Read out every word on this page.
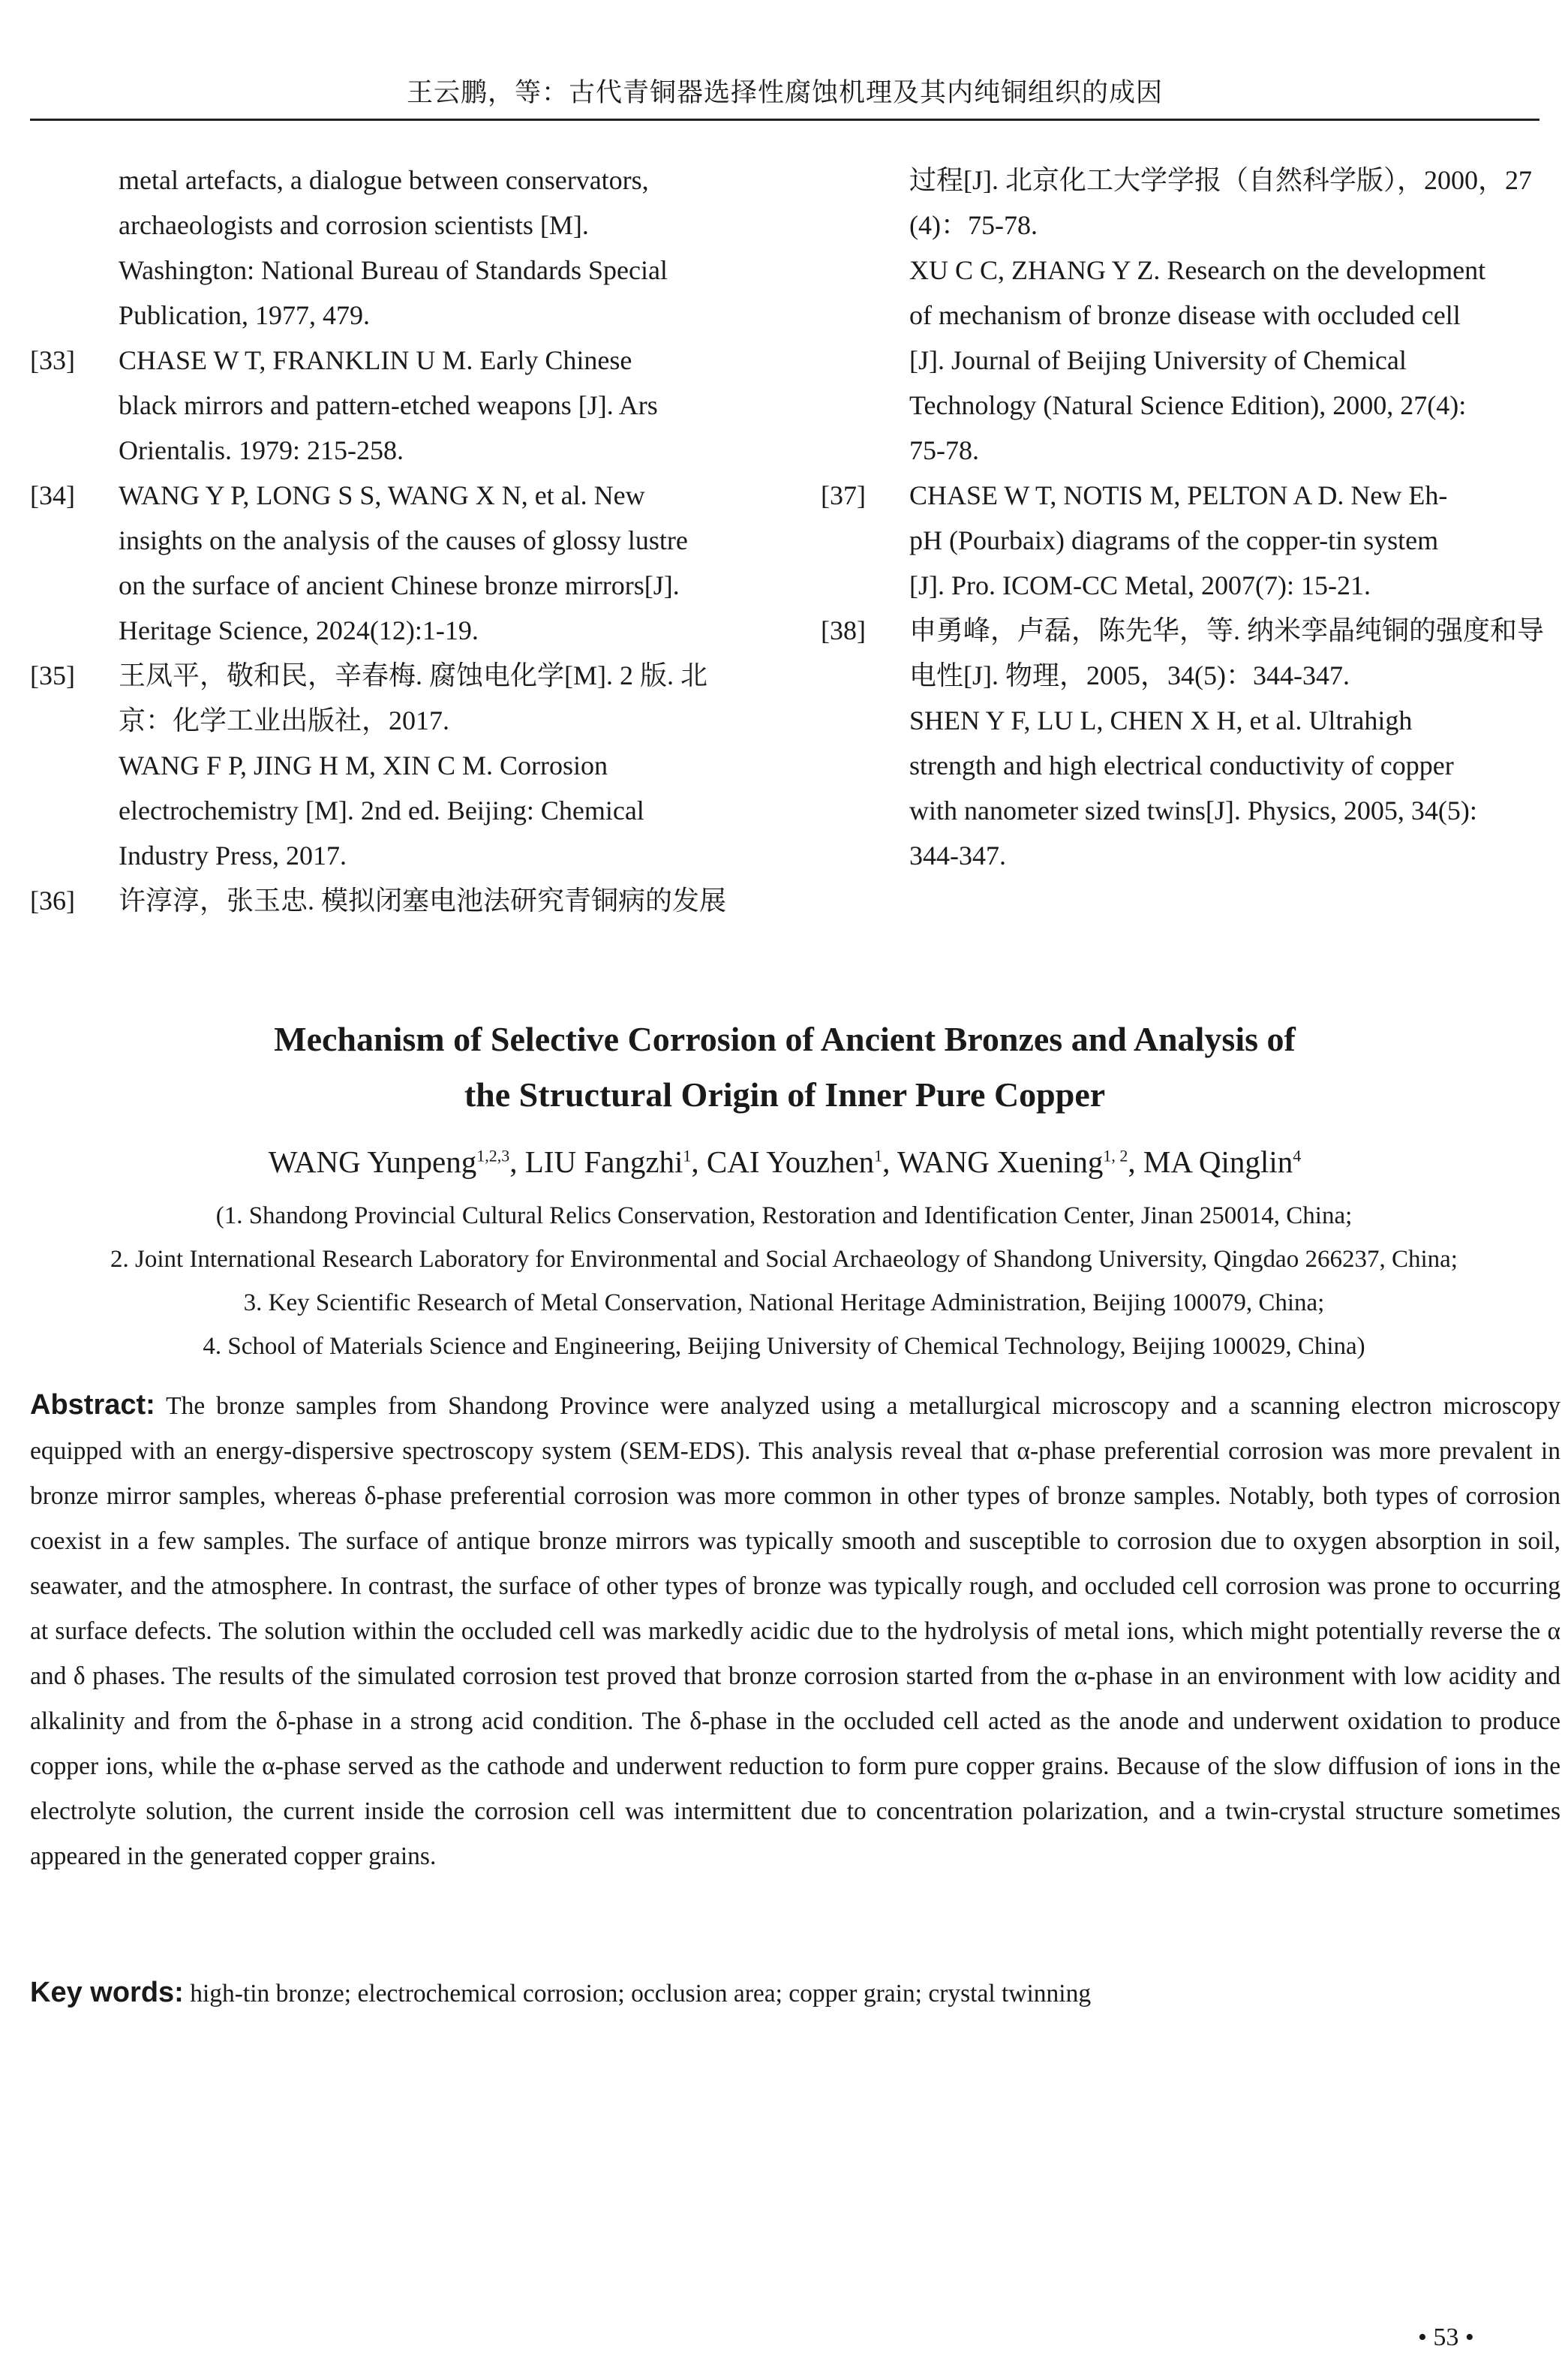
王云鹏，等：古代青铜器选择性腐蚀机理及其内纯铜组织的成因
metal artefacts, a dialogue between conservators,
archaeologists and corrosion scientists [M].
Washington: National Bureau of Standards Special
Publication, 1977, 479.
[33] CHASE W T, FRANKLIN U M. Early Chinese
black mirrors and pattern-etched weapons [J]. Ars
Orientalis. 1979: 215-258.
[34] WANG Y P, LONG S S, WANG X N, et al. New
insights on the analysis of the causes of glossy lustre
on the surface of ancient Chinese bronze mirrors[J].
Heritage Science, 2024(12):1-19.
[35] 王凤平，敬和民，辛春梅. 腐蚀电化学[M]. 2 版. 北
京：化学工业出版社，2017.
WANG F P, JING H M, XIN C M. Corrosion
electrochemistry [M]. 2nd ed. Beijing: Chemical
Industry Press, 2017.
[36] 许淳淳，张玉忠. 模拟闭塞电池法研究青铜病的发展
过程[J]. 北京化工大学学报（自然科学版），2000，27
(4)：75-78.
XU C C, ZHANG Y Z. Research on the development
of mechanism of bronze disease with occluded cell
[J]. Journal of Beijing University of Chemical
Technology (Natural Science Edition), 2000, 27(4):
75-78.
[37] CHASE W T, NOTIS M, PELTON A D. New Eh-
pH (Pourbaix) diagrams of the copper-tin system
[J]. Pro. ICOM-CC Metal, 2007(7): 15-21.
[38] 申勇峰，卢磊，陈先华，等. 纳米孪晶纯铜的强度和导
电性[J]. 物理，2005，34(5)：344-347.
SHEN Y F, LU L, CHEN X H, et al. Ultrahigh
strength and high electrical conductivity of copper
with nanometer sized twins[J]. Physics, 2005, 34(5):
344-347.
Mechanism of Selective Corrosion of Ancient Bronzes and Analysis of
the Structural Origin of Inner Pure Copper
WANG Yunpeng$^{1,2,3}$, LIU Fangzhi$^1$, CAI Youzhen$^1$, WANG Xuening$^{1, 2}$, MA Qinglin$^4$
(1. Shandong Provincial Cultural Relics Conservation, Restoration and Identification Center, Jinan 250014, China;
2. Joint International Research Laboratory for Environmental and Social Archaeology of Shandong University, Qingdao 266237, China;
3. Key Scientific Research of Metal Conservation, National Heritage Administration, Beijing 100079, China;
4. School of Materials Science and Engineering, Beijing University of Chemical Technology, Beijing 100029, China)
Abstract: The bronze samples from Shandong Province were analyzed using a metallurgical microscopy and a scanning electron microscopy equipped with an energy-dispersive spectroscopy system (SEM-EDS). This analysis reveal that α-phase preferential corrosion was more prevalent in bronze mirror samples, whereas δ-phase preferential corrosion was more common in other types of bronze samples. Notably, both types of corrosion coexist in a few samples. The surface of antique bronze mirrors was typically smooth and susceptible to corrosion due to oxygen absorption in soil, seawater, and the atmosphere. In contrast, the surface of other types of bronze was typically rough, and occluded cell corrosion was prone to occurring at surface defects. The solution within the occluded cell was markedly acidic due to the hydrolysis of metal ions, which might potentially reverse the α and δ phases. The results of the simulated corrosion test proved that bronze corrosion started from the α-phase in an environment with low acidity and alkalinity and from the δ-phase in a strong acid condition. The δ-phase in the occluded cell acted as the anode and underwent oxidation to produce copper ions, while the α-phase served as the cathode and underwent reduction to form pure copper grains. Because of the slow diffusion of ions in the electrolyte solution, the current inside the corrosion cell was intermittent due to concentration polarization, and a twin-crystal structure sometimes appeared in the generated copper grains.
Key words: high-tin bronze; electrochemical corrosion; occlusion area; copper grain; crystal twinning
• 53 •
